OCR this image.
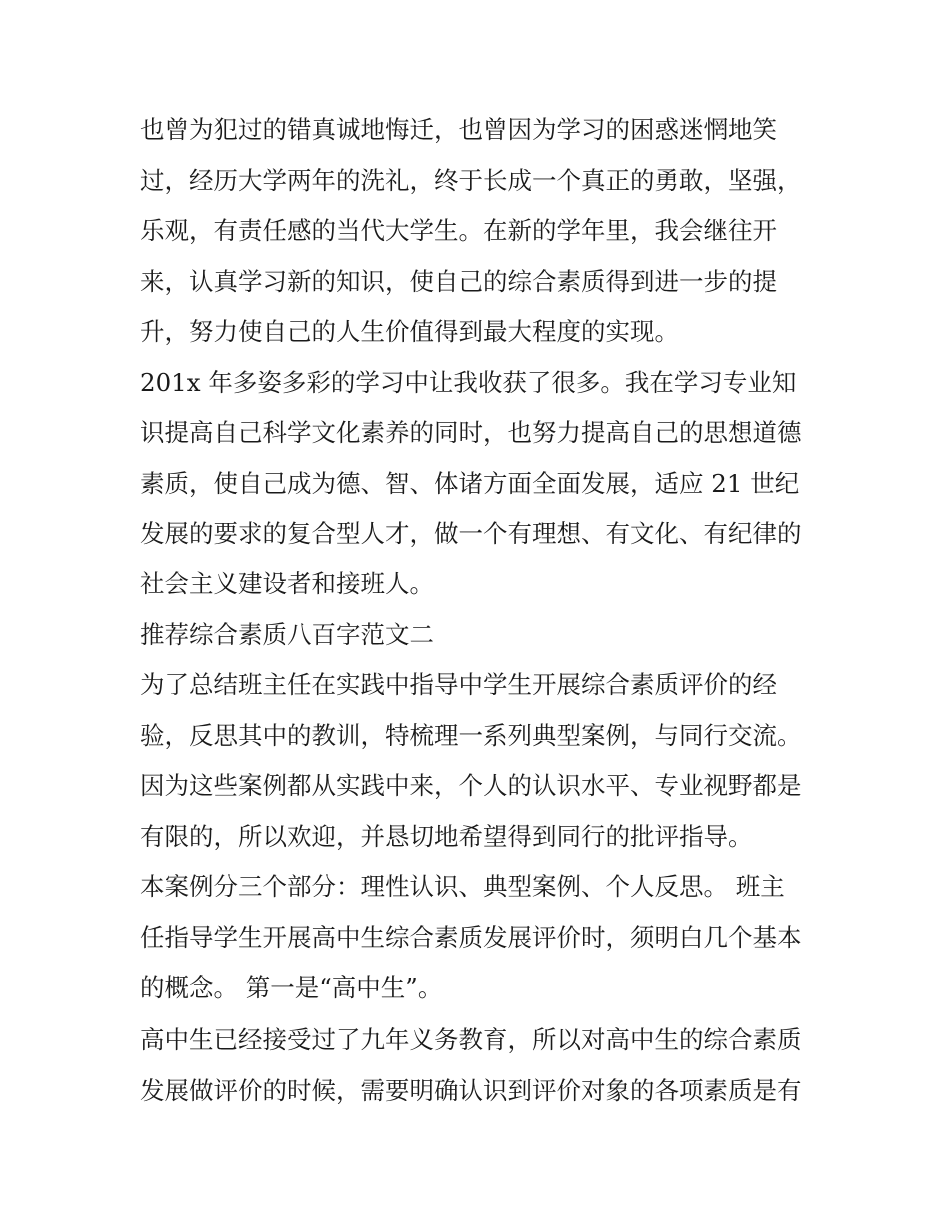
也曾为犯过的错真诚地悔迁，也曾因为学习的困惑迷惘地笑
过，经历大学两年的洗礼，终于长成一个真正的勇敢，坚强，
乐观，有责任感的当代大学生。在新的学年里，我会继往开
来，认真学习新的知识，使自己的综合素质得到进一步的提
升，努力使自己的人生价值得到最大程度的实现。
201x 年多姿多彩的学习中让我收获了很多。我在学习专业知
识提高自己科学文化素养的同时，也努力提高自己的思想道德
素质，使自己成为德、智、体诸方面全面发展，适应 21 世纪
发展的要求的复合型人才，做一个有理想、有文化、有纪律的
社会主义建设者和接班人。
推荐综合素质八百字范文二
为了总结班主任在实践中指导中学生开展综合素质评价的经
验，反思其中的教训，特梳理一系列典型案例，与同行交流。
因为这些案例都从实践中来，个人的认识水平、专业视野都是
有限的，所以欢迎，并恳切地希望得到同行的批评指导。
本案例分三个部分：理性认识、典型案例、个人反思。 班主
任指导学生开展高中生综合素质发展评价时，须明白几个基本
的概念。 第一是“高中生”。
高中生已经接受过了九年义务教育，所以对高中生的综合素质
发展做评价的时候，需要明确认识到评价对象的各项素质是有
